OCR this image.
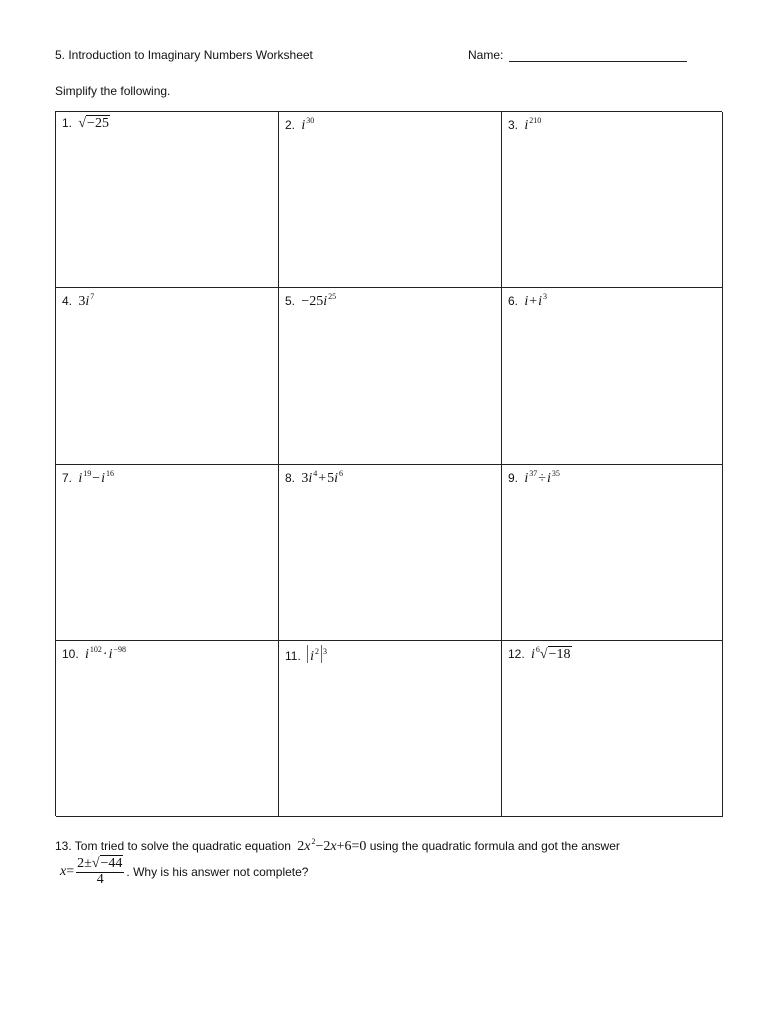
5. Introduction to Imaginary Numbers Worksheet	Name:
Simplify the following.
1. √−25	2. $i^{30}$	3. $i^{210}$
4. $3i^7$	5. $-25i^{25}$	6. $i+i^3$
7. $i^{19}-i^{16}$	8. $3i^4+5i^6$	9. $i^{37}\div i^{35}$
10. $i^{102}\cdot i^{-98}$	11. $i^2$ $^3$	12. $i^6√-18$
13. Tom tried to solve the quadratic equation $2x^2-2x+6=0$ using the quadratic formula and got the answer
$x = \frac{2\pm√-44}{4}$ . Why is his answer not complete?
